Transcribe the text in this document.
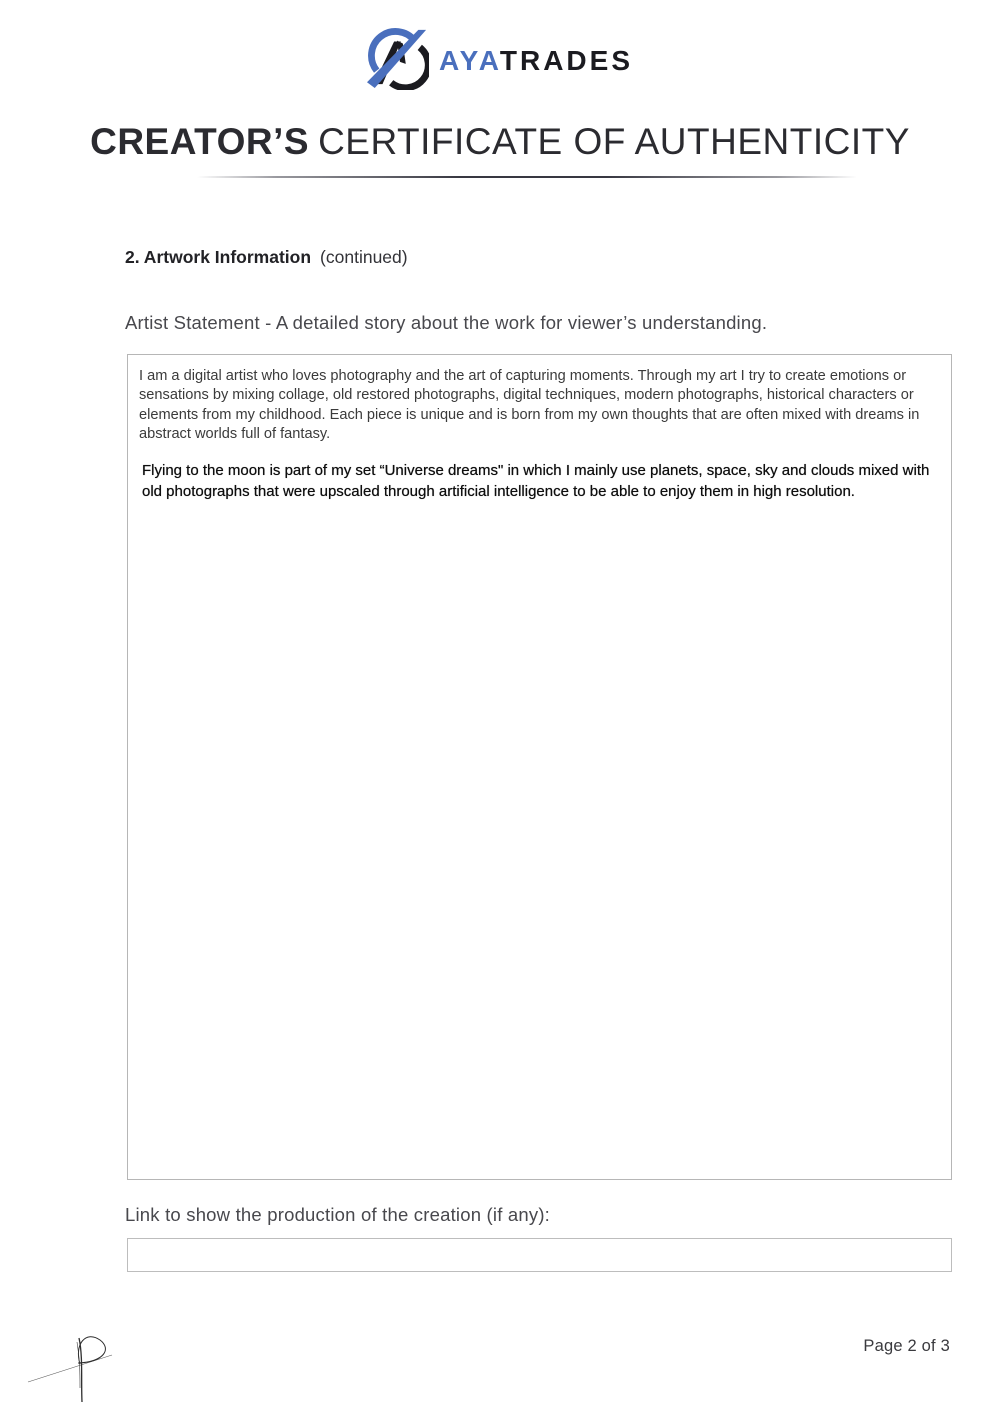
AYATRADES
CREATOR’S CERTIFICATE OF AUTHENTICITY
2. Artwork Information (continued)
Artist Statement - A detailed story about the work for viewer’s understanding.

I am a digital artist who loves photography and the art of capturing moments. Through my art I try to create emotions or sensations by mixing collage, old restored photographs, digital techniques, modern photographs, historical characters or elements from my childhood. Each piece is unique and is born from my own thoughts that are often mixed with dreams in abstract worlds full of fantasy.

Flying to the moon is part of my set “Universe dreams" in which I mainly use planets, space, sky and clouds mixed with old photographs that were upscaled through artificial intelligence to be able to enjoy them in high resolution.

Link to show the production of the creation (if any):
Page 2 of 3
